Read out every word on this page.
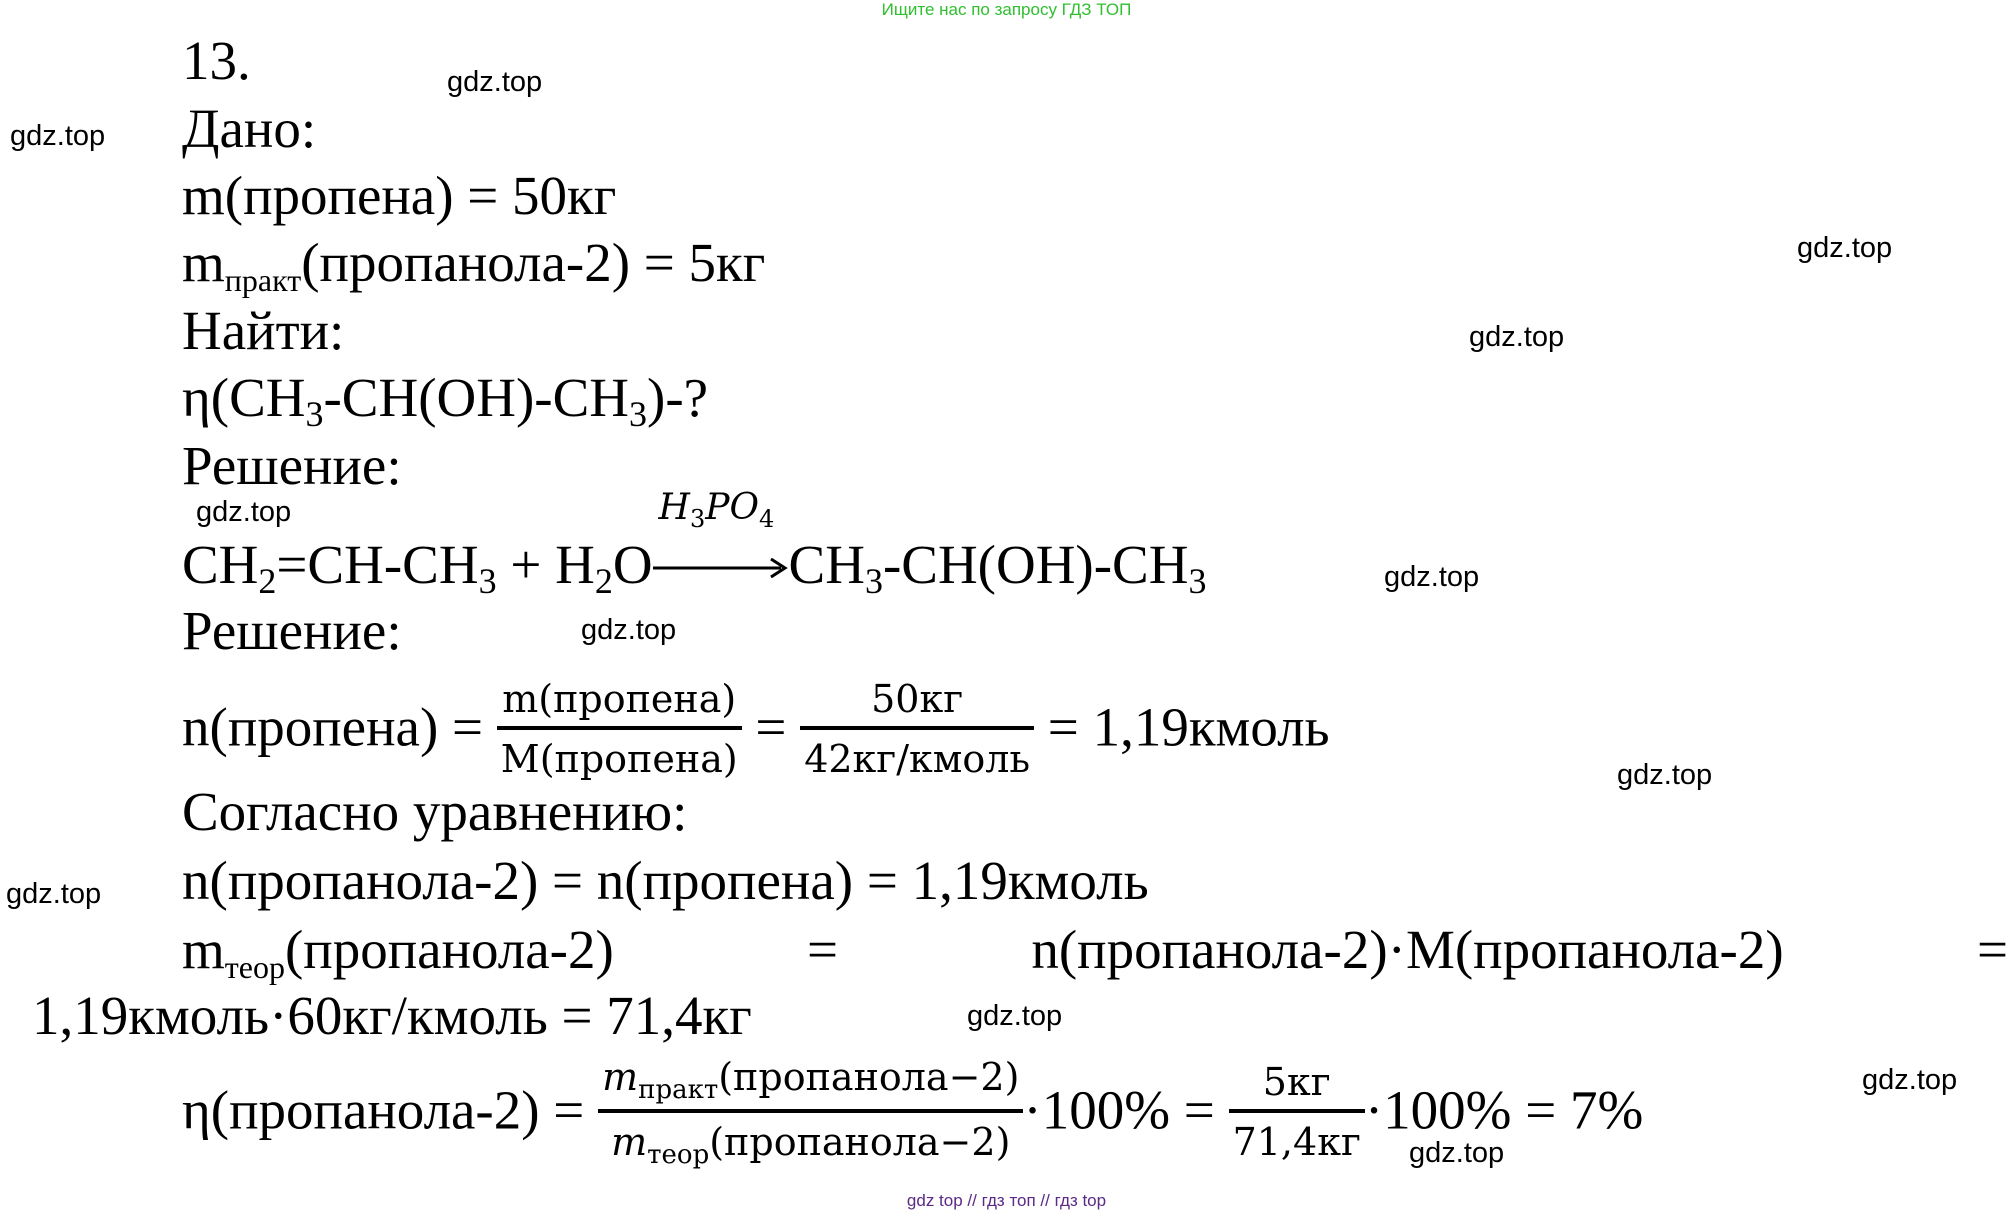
Ищите нас по запросу ГДЗ ТОП
13.
Дано:
m(пропена) = 50кг
mпракт(пропанола-2) = 5кг
Найти:
η(CH3-CH(OH)-CH3)-?
Решение:
CH2=CH-CH3 + H2O
$H_3PO_4$
CH3-CH(OH)-CH3
Решение:
n(пропена) = $\frac{\text{m(пропена)}}{\text{M(пропена)}} = \frac{50кг}{\text{42кг/кмоль}}$ = 1,19кмоль
Согласно уравнению:
n(пропанола-2) = n(пропена) = 1,19кмоль
mтеор(пропанола-2)	=	n(пропанола-2)·M(пропанола-2)	=
1,19кмоль·60кг/кмоль = 71,4кг
η(пропанола-2) = $\frac{m_{практ}(пропанола-2)}{m_{теор}(пропанола-2)} \cdot 100\% = \frac{5кг}{71,4кг} \cdot 100\% = 7\%$
gdz.top
gdz.top
gdz.top
gdz.top
gdz.top
gdz.top
gdz.top
gdz.top
gdz.top
gdz.top
gdz.top
gdz.top
gdz top // гдз топ // гдз top
